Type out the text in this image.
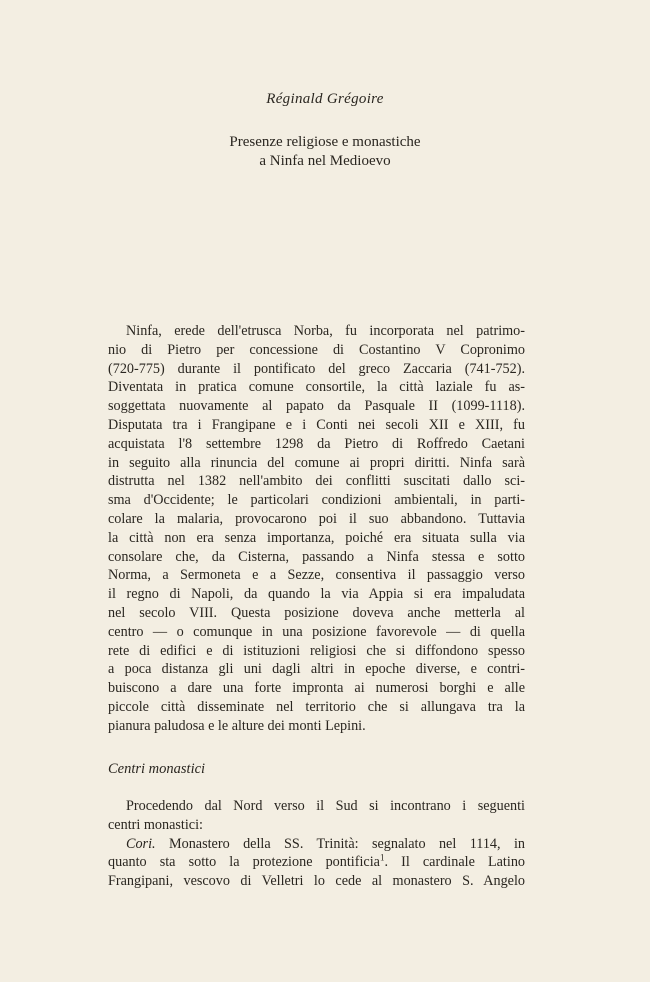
Réginald Grégoire
Presenze religiose e monastiche
a Ninfa nel Medioevo
Ninfa, erede dell'etrusca Norba, fu incorporata nel patrimo-
nio di Pietro per concessione di Costantino V Copronimo
(720-775) durante il pontificato del greco Zaccaria (741-752).
Diventata in pratica comune consortile, la città laziale fu as-
soggettata nuovamente al papato da Pasquale II (1099-1118).
Disputata tra i Frangipane e i Conti nei secoli XII e XIII, fu
acquistata l'8 settembre 1298 da Pietro di Roffredo Caetani
in seguito alla rinuncia del comune ai propri diritti. Ninfa sarà
distrutta nel 1382 nell'ambito dei conflitti suscitati dallo sci-
sma d'Occidente; le particolari condizioni ambientali, in parti-
colare la malaria, provocarono poi il suo abbandono. Tuttavia
la città non era senza importanza, poiché era situata sulla via
consolare che, da Cisterna, passando a Ninfa stessa e sotto
Norma, a Sermoneta e a Sezze, consentiva il passaggio verso
il regno di Napoli, da quando la via Appia si era impaludata
nel secolo VIII. Questa posizione doveva anche metterla al
centro — o comunque in una posizione favorevole — di quella
rete di edifici e di istituzioni religiosi che si diffondono spesso
a poca distanza gli uni dagli altri in epoche diverse, e contri-
buiscono a dare una forte impronta ai numerosi borghi e alle
piccole città disseminate nel territorio che si allungava tra la
pianura paludosa e le alture dei monti Lepini.
Centri monastici
Procedendo dal Nord verso il Sud si incontrano i seguenti
centri monastici:
Cori. Monastero della SS. Trinità: segnalato nel 1114, in
quanto sta sotto la protezione pontificia$^1$. Il cardinale Latino
Frangipani, vescovo di Velletri lo cede al monastero S. Angelo
